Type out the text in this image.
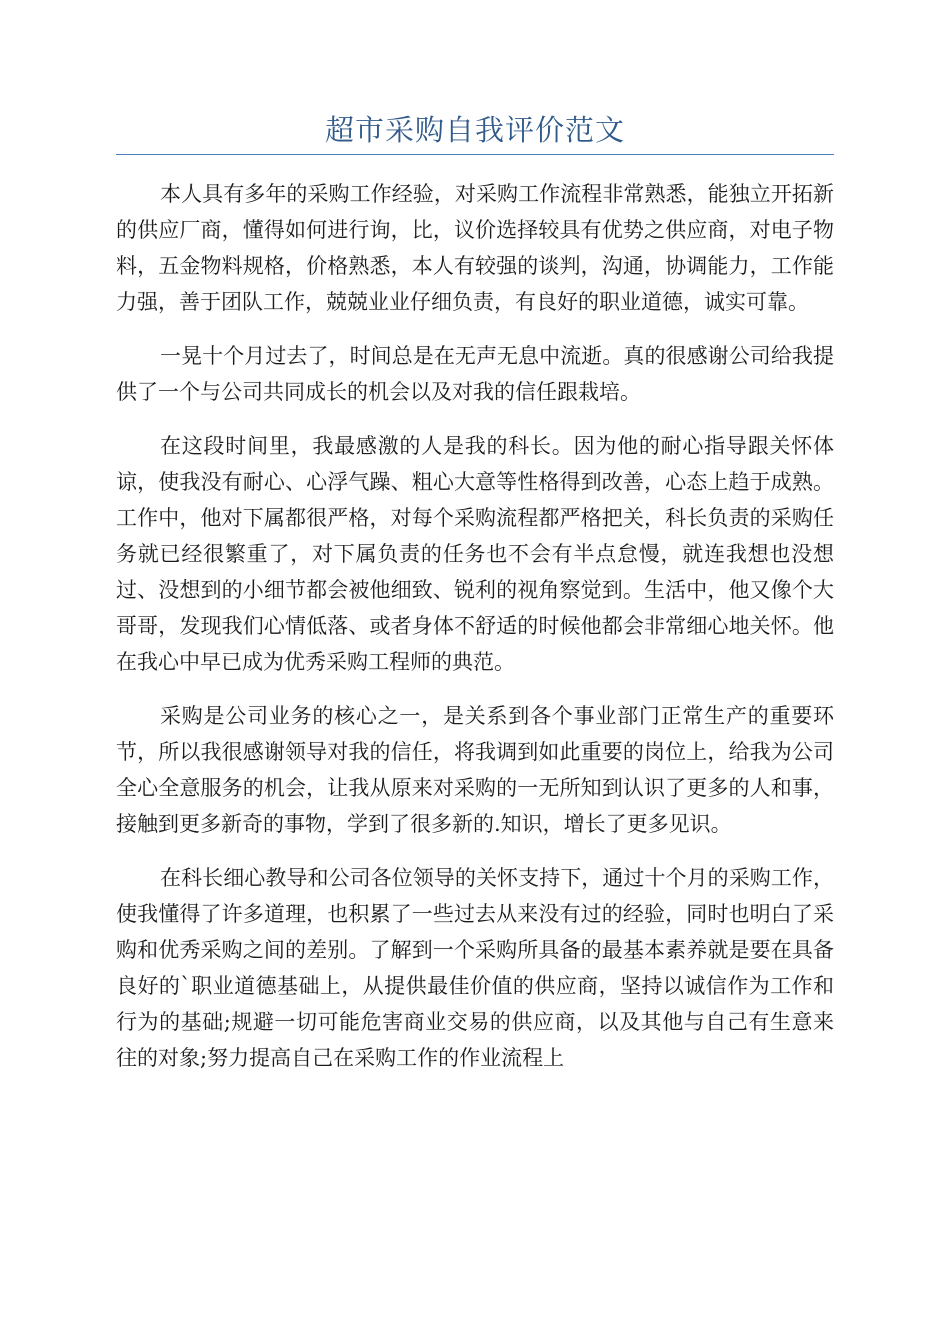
超市采购自我评价范文

本人具有多年的采购工作经验，对采购工作流程非常熟悉，能独立开拓新的供应厂商，懂得如何进行询，比，议价选择较具有优势之供应商，对电子物料，五金物料规格，价格熟悉，本人有较强的谈判，沟通，协调能力，工作能力强，善于团队工作，兢兢业业仔细负责，有良好的职业道德，诚实可靠。

一晃十个月过去了，时间总是在无声无息中流逝。真的很感谢公司给我提供了一个与公司共同成长的机会以及对我的信任跟栽培。

在这段时间里，我最感激的人是我的科长。因为他的耐心指导跟关怀体谅，使我没有耐心、心浮气躁、粗心大意等性格得到改善，心态上趋于成熟。工作中，他对下属都很严格，对每个采购流程都严格把关，科长负责的采购任务就已经很繁重了，对下属负责的任务也不会有半点怠慢，就连我想也没想过、没想到的小细节都会被他细致、锐利的视角察觉到。生活中，他又像个大哥哥，发现我们心情低落、或者身体不舒适的时候他都会非常细心地关怀。他在我心中早已成为优秀采购工程师的典范。

采购是公司业务的核心之一，是关系到各个事业部门正常生产的重要环节，所以我很感谢领导对我的信任，将我调到如此重要的岗位上，给我为公司全心全意服务的机会，让我从原来对采购的一无所知到认识了更多的人和事，接触到更多新奇的事物，学到了很多新的.知识，增长了更多见识。

在科长细心教导和公司各位领导的关怀支持下，通过十个月的采购工作，使我懂得了许多道理，也积累了一些过去从来没有过的经验，同时也明白了采购和优秀采购之间的差别。了解到一个采购所具备的最基本素养就是要在具备良好的`职业道德基础上，从提供最佳价值的供应商，坚持以诚信作为工作和行为的基础;规避一切可能危害商业交易的供应商，以及其他与自己有生意来往的对象;努力提高自己在采购工作的作业流程上
